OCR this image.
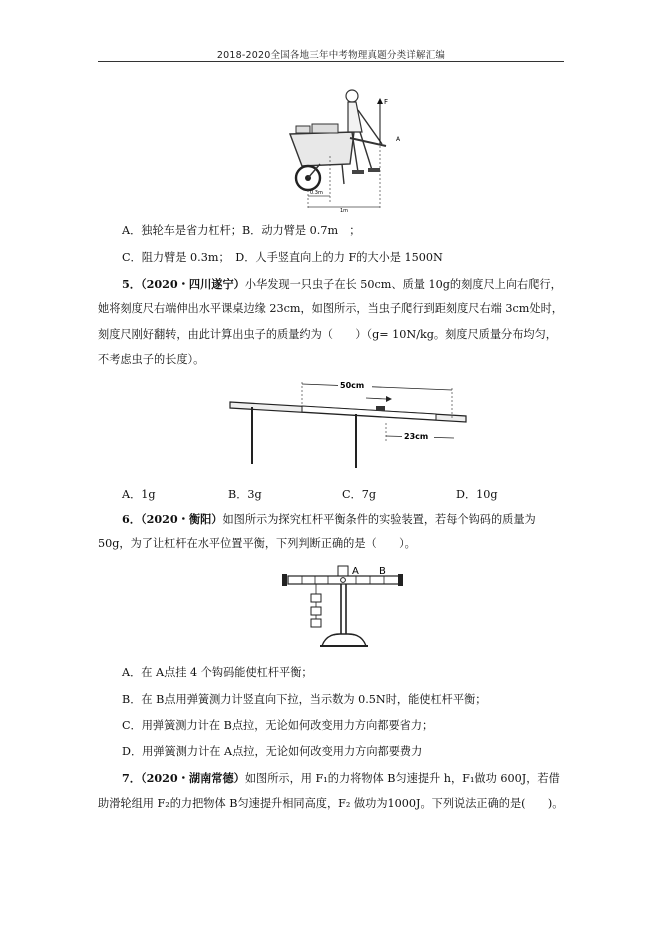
2018-2020全国各地三年中考物理真题分类详解汇编
F
A
0.3m
1m
A．独轮车是省力杠杆；B．动力臂是 0.7m　；
C．阻力臂是 0.3m；　D．人手竖直向上的力 F的大小是 1500N
5．（2020・四川遂宁）小华发现一只虫子在长 50cm、质量 10g的刻度尺上向右爬行，
她将刻度尺右端伸出水平课桌边缘 23cm，如图所示，当虫子爬行到距刻度尺右端 3cm处时，
刻度尺刚好翻转，由此计算出虫子的质量约为（　　）（g= 10N/kg。刻度尺质量分布均匀，
不考虑虫子的长度）。
50cm
23cm
A．1g	B．3g	C．7g	D．10g
6．（2020・衡阳）如图所示为探究杠杆平衡条件的实验装置，若每个钩码的质量为
50g，为了让杠杆在水平位置平衡，下列判断正确的是（　　）。
A B
A．在 A点挂 4 个钩码能使杠杆平衡；
B．在 B点用弹簧测力计竖直向下拉，当示数为 0.5N时，能使杠杆平衡；
C．用弹簧测力计在 B点拉，无论如何改变用力方向都要省力；
D．用弹簧测力计在 A点拉，无论如何改变用力方向都要费力
7．（2020・湖南常德）如图所示，用 F₁的力将物体 B匀速提升 h，F₁做功 600J，若借
助滑轮组用 F₂的力把物体 B匀速提升相同高度，F₂ 做功为1000J。下列说法正确的是(　　)。
